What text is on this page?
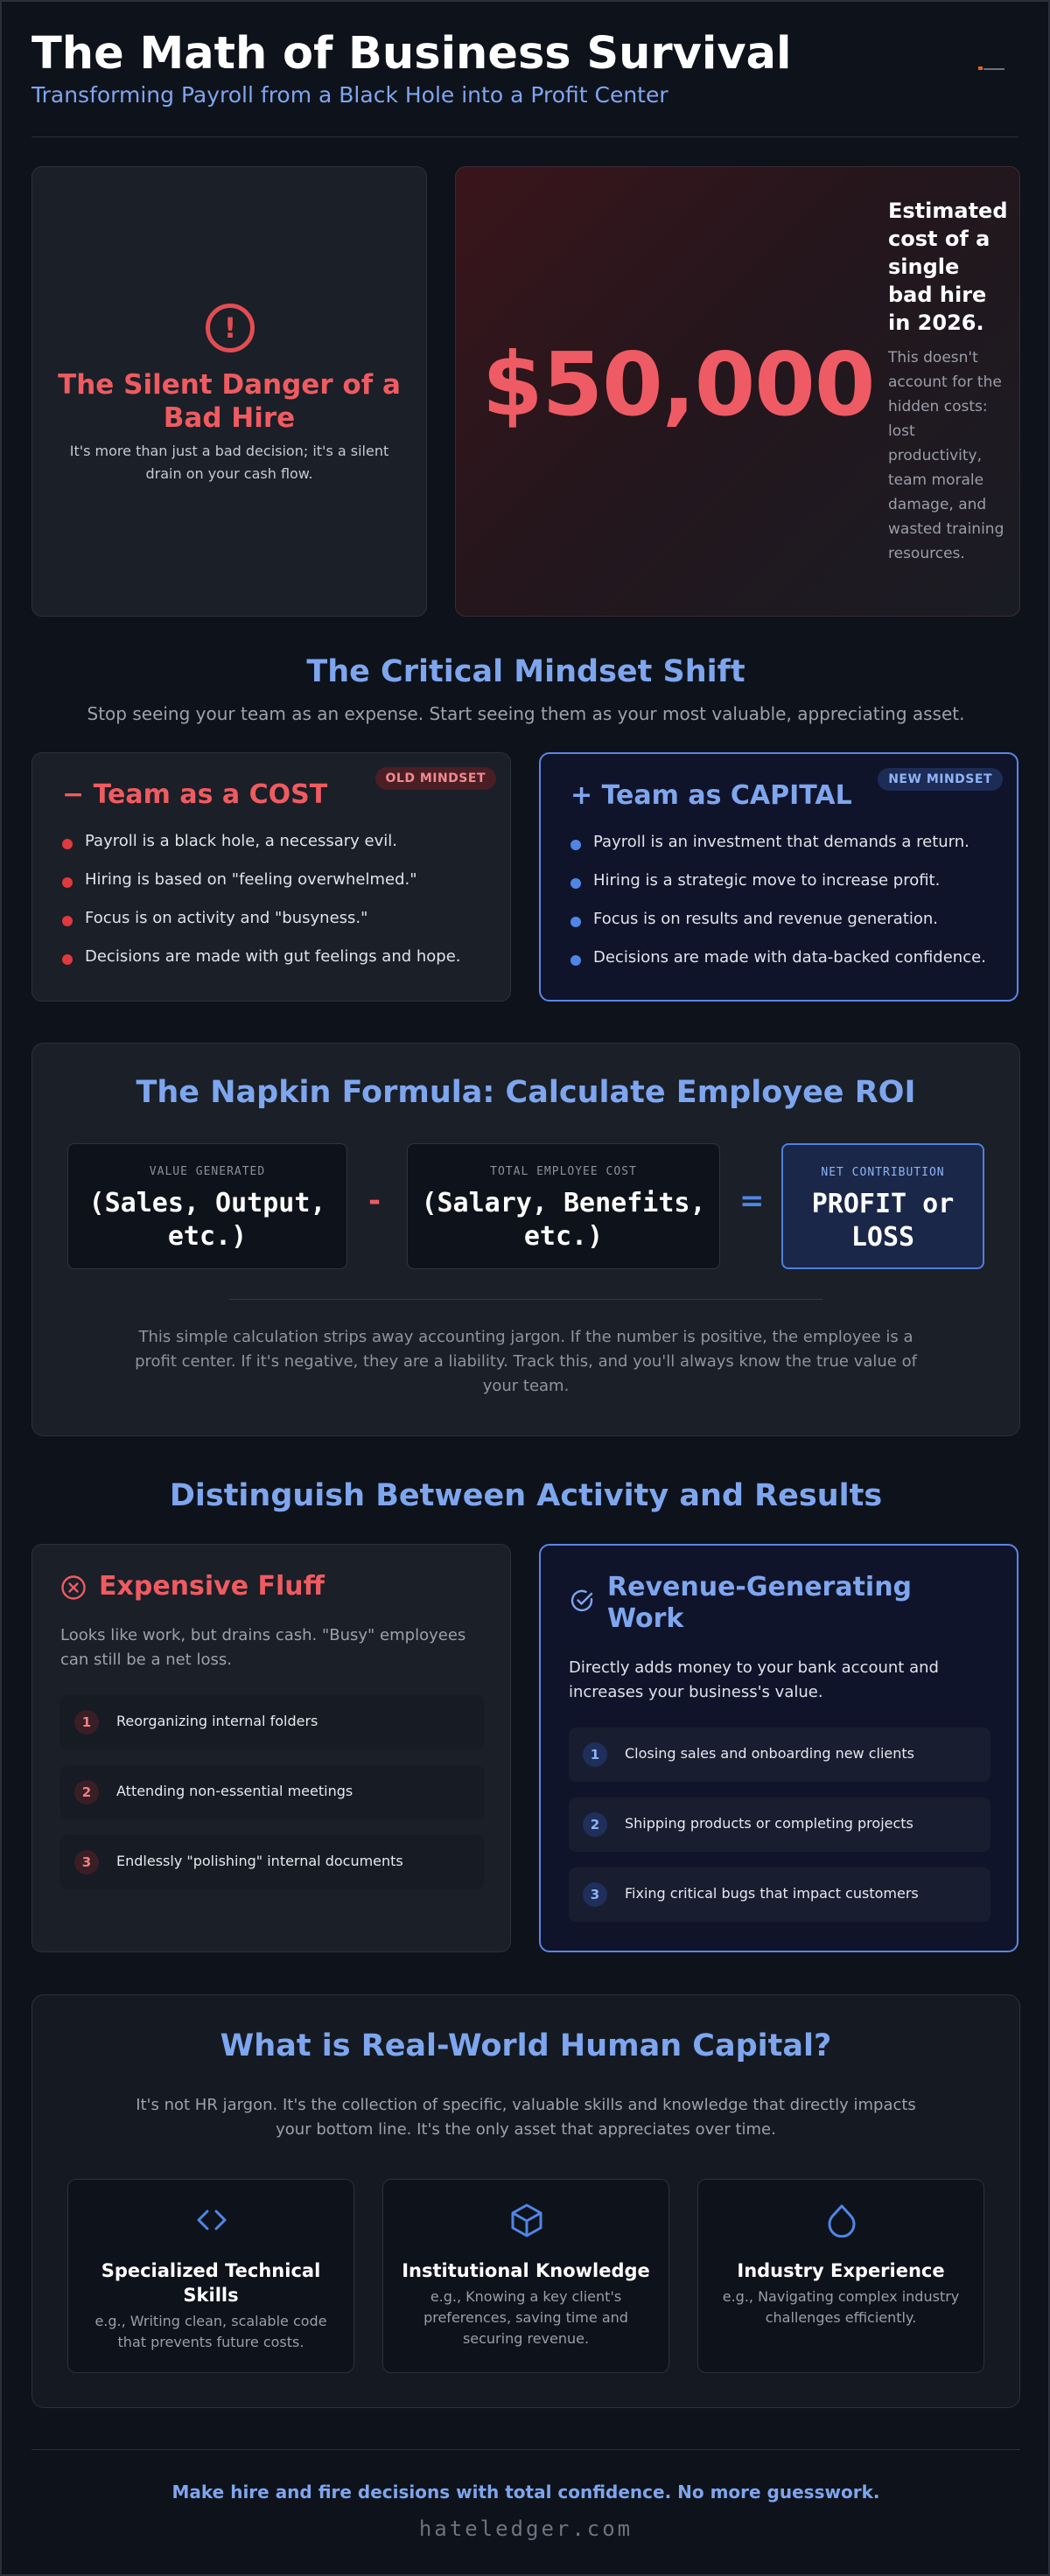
The Math of Business Survival
Transforming Payroll from a Black Hole into a Profit Center
!
The Silent Danger of a Bad Hire

It's more than just a bad decision; it's a silent drain on your cash flow.

$50,000
Estimated cost of a single bad hire in 2026.
This doesn't account for the hidden costs: lost productivity, team morale damage, and wasted training resources.
The Critical Mindset Shift

Stop seeing your team as an expense. Start seeing them as your most valuable, appreciating asset.

OLD MINDSET
− Team as a COST
Payroll is a black hole, a necessary evil.
Hiring is based on "feeling overwhelmed."
Focus is on activity and "busyness."
Decisions are made with gut feelings and hope.
NEW MINDSET
+ Team as CAPITAL
Payroll is an investment that demands a return.
Hiring is a strategic move to increase profit.
Focus is on results and revenue generation.
Decisions are made with data-backed confidence.
The Napkin Formula: Calculate Employee ROI
VALUE GENERATED
(Sales, Output, etc.)
-
TOTAL EMPLOYEE COST
(Salary, Benefits, etc.)
=
NET CONTRIBUTION
PROFIT or LOSS

This simple calculation strips away accounting jargon. If the number is positive, the employee is a profit center. If it's negative, they are a liability. Track this, and you'll always know the true value of your team.

Distinguish Between Activity and Results
Expensive Fluff

Looks like work, but drains cash. "Busy" employees can still be a net loss.

1	Reorganizing internal folders
2	Attending non-essential meetings
3	Endlessly "polishing" internal documents
Revenue-Generating Work

Directly adds money to your bank account and increases your business's value.

1	Closing sales and onboarding new clients
2	Shipping products or completing projects
3	Fixing critical bugs that impact customers
What is Real-World Human Capital?

It's not HR jargon. It's the collection of specific, valuable skills and knowledge that directly impacts your bottom line. It's the only asset that appreciates over time.

Specialized Technical Skills
e.g., Writing clean, scalable code that prevents future costs.
Institutional Knowledge
e.g., Knowing a key client's preferences, saving time and securing revenue.
Industry Experience
e.g., Navigating complex industry challenges efficiently.

Make hire and fire decisions with total confidence. No more guesswork.

hateledger.com
